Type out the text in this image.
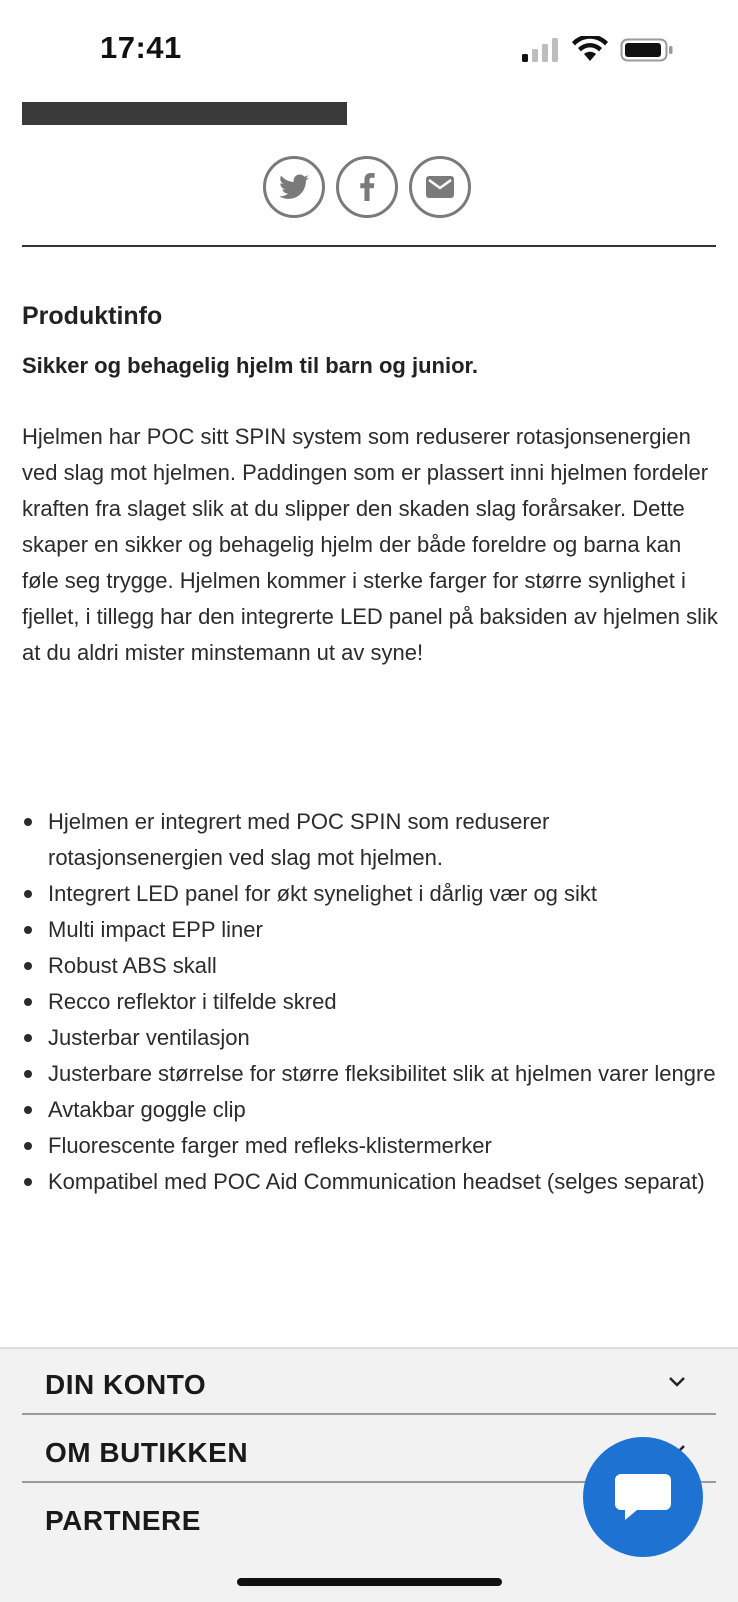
17:41
Produktinfo
Sikker og behagelig hjelm til barn og junior.
Hjelmen har POC sitt SPIN system som reduserer rotasjonsenergien ved slag mot hjelmen. Paddingen som er plassert inni hjelmen fordeler kraften fra slaget slik at du slipper den skaden slag forårsaker. Dette skaper en sikker og behagelig hjelm der både foreldre og barna kan føle seg trygge. Hjelmen kommer i sterke farger for større synlighet i fjellet, i tillegg har den integrerte LED panel på baksiden av hjelmen slik at du aldri mister minstemann ut av syne!
Hjelmen er integrert med POC SPIN som reduserer rotasjonsenergien ved slag mot hjelmen.
Integrert LED panel for økt synelighet i dårlig vær og sikt
Multi impact EPP liner
Robust ABS skall
Recco reflektor i tilfelde skred
Justerbar ventilasjon
Justerbare størrelse for større fleksibilitet slik at hjelmen varer lengre
Avtakbar goggle clip
Fluorescente farger med refleks-klistermerker
Kompatibel med POC Aid Communication headset (selges separat)
DIN KONTO
OM BUTIKKEN
PARTNERE
